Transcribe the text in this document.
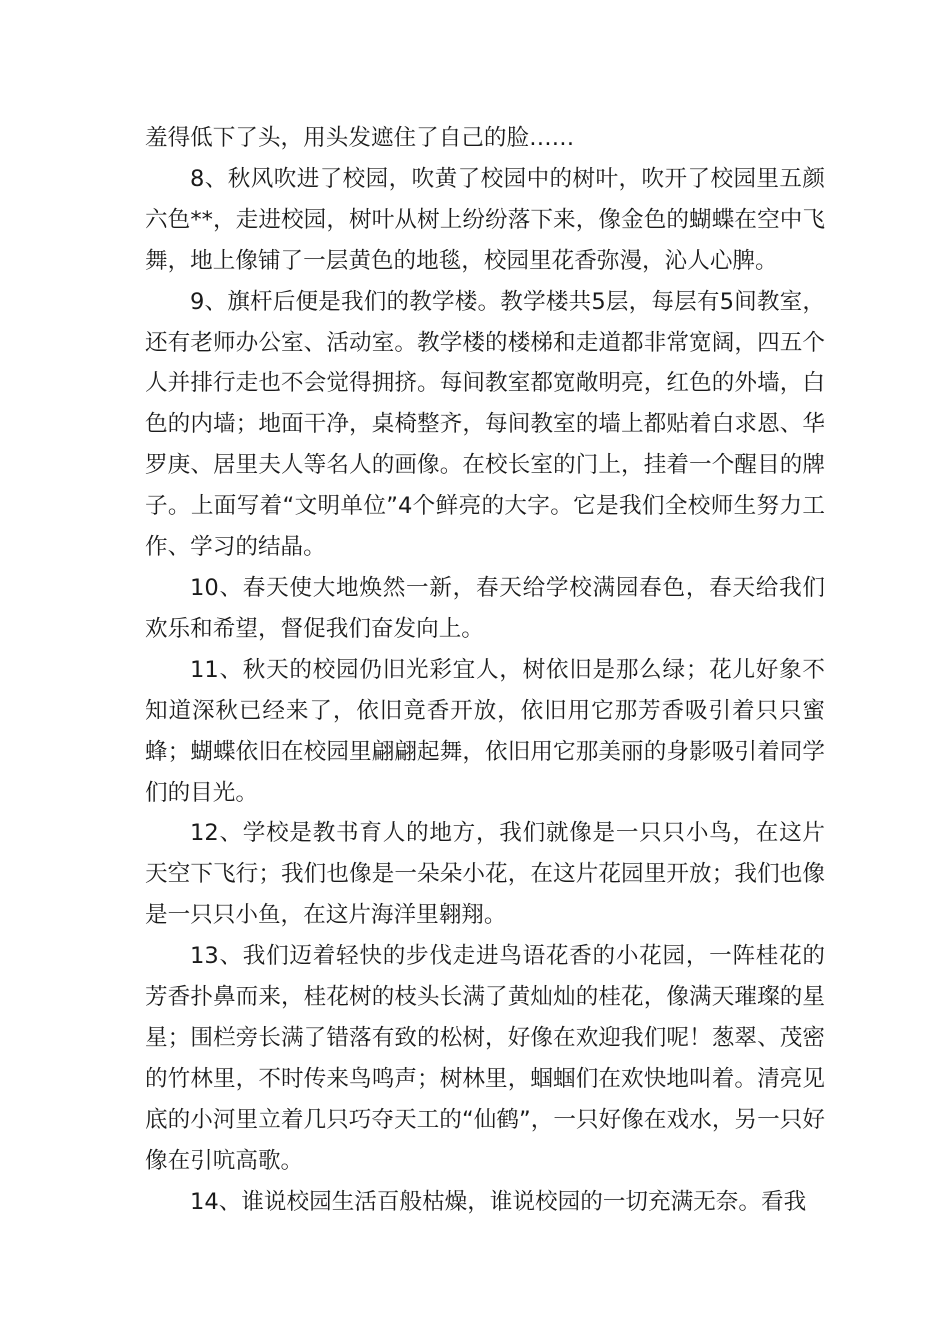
羞得低下了头，用头发遮住了自己的脸……

8、秋风吹进了校园，吹黄了校园中的树叶，吹开了校园里五颜六色**，走进校园，树叶从树上纷纷落下来，像金色的蝴蝶在空中飞舞，地上像铺了一层黄色的地毯，校园里花香弥漫，沁人心脾。

9、旗杆后便是我们的教学楼。教学楼共5层，每层有5间教室，还有老师办公室、活动室。教学楼的楼梯和走道都非常宽阔，四五个人并排行走也不会觉得拥挤。每间教室都宽敞明亮，红色的外墙，白色的内墙；地面干净，桌椅整齐，每间教室的墙上都贴着白求恩、华罗庚、居里夫人等名人的画像。在校长室的门上，挂着一个醒目的牌子。上面写着“文明单位”4个鲜亮的大字。它是我们全校师生努力工作、学习的结晶。

10、春天使大地焕然一新，春天给学校满园春色，春天给我们欢乐和希望，督促我们奋发向上。

11、秋天的校园仍旧光彩宜人，树依旧是那么绿；花儿好象不知道深秋已经来了，依旧竟香开放，依旧用它那芳香吸引着只只蜜蜂；蝴蝶依旧在校园里翩翩起舞，依旧用它那美丽的身影吸引着同学们的目光。

12、学校是教书育人的地方，我们就像是一只只小鸟，在这片天空下飞行；我们也像是一朵朵小花，在这片花园里开放；我们也像是一只只小鱼，在这片海洋里翱翔。

13、我们迈着轻快的步伐走进鸟语花香的小花园，一阵桂花的芳香扑鼻而来，桂花树的枝头长满了黄灿灿的桂花，像满天璀璨的星星；围栏旁长满了错落有致的松树，好像在欢迎我们呢！葱翠、茂密的竹林里，不时传来鸟鸣声；树林里，蝈蝈们在欢快地叫着。清亮见底的小河里立着几只巧夺天工的“仙鹤”，一只好像在戏水，另一只好像在引吭高歌。

14、谁说校园生活百般枯燥，谁说校园的一切充满无奈。看我
